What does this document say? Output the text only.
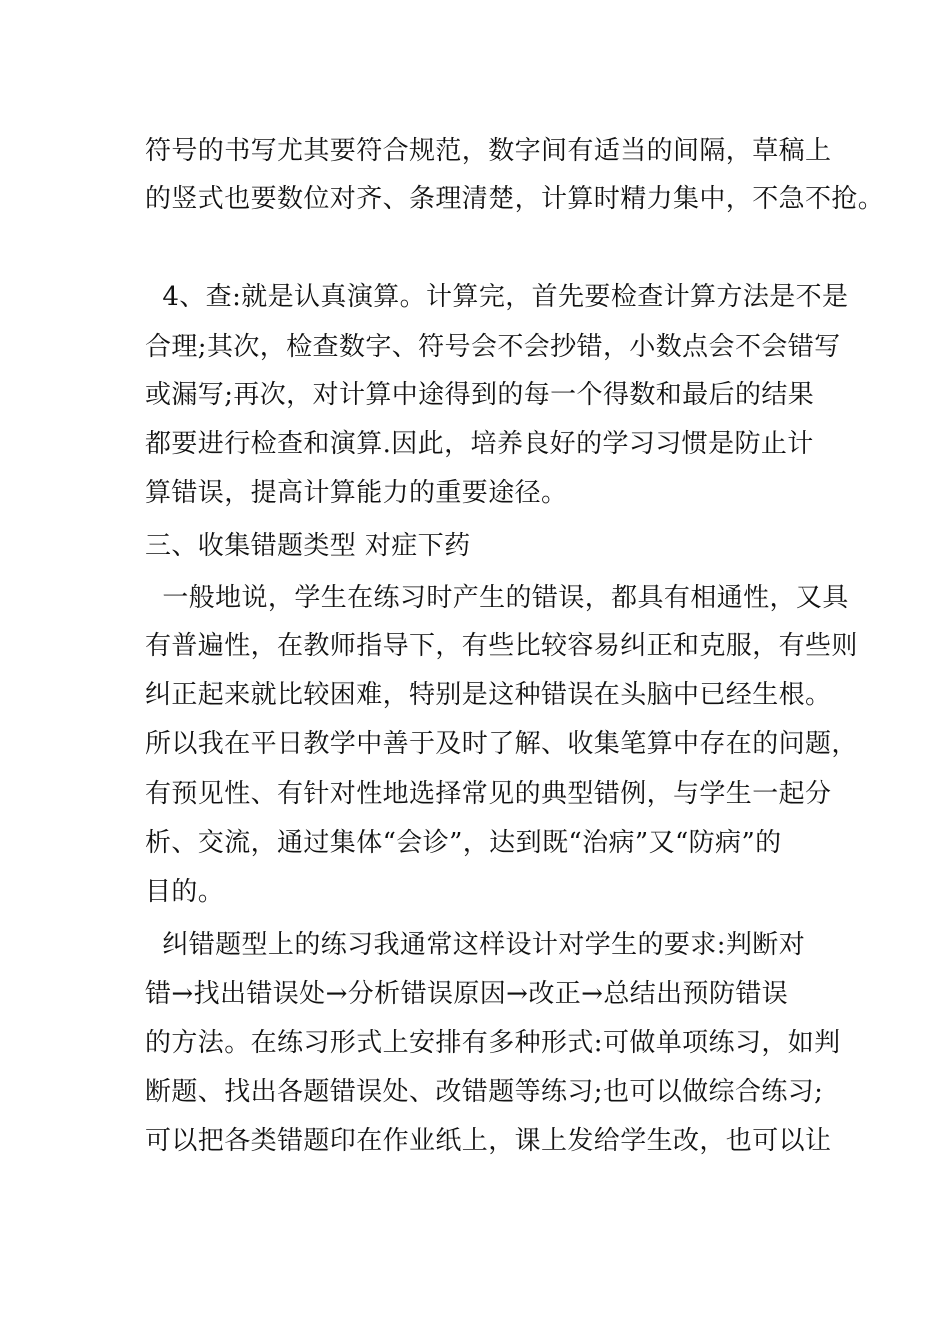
符号的书写尤其要符合规范，数字间有适当的间隔，草稿上
的竖式也要数位对齐、条理清楚，计算时精力集中，不急不抢。
4、查:就是认真演算。计算完，首先要检查计算方法是不是
合理;其次，检查数字、符号会不会抄错，小数点会不会错写
或漏写;再次，对计算中途得到的每一个得数和最后的结果
都要进行检查和演算.因此，培养良好的学习习惯是防止计
算错误，提高计算能力的重要途径。
三、收集错题类型 对症下药
一般地说，学生在练习时产生的错误，都具有相通性，又具
有普遍性，在教师指导下，有些比较容易纠正和克服，有些则
纠正起来就比较困难，特别是这种错误在头脑中已经生根。
所以我在平日教学中善于及时了解、收集笔算中存在的问题，
有预见性、有针对性地选择常见的典型错例，与学生一起分
析、交流，通过集体“会诊”，达到既“治病”又“防病”的
目的。
纠错题型上的练习我通常这样设计对学生的要求:判断对
错→找出错误处→分析错误原因→改正→总结出预防错误
的方法。在练习形式上安排有多种形式:可做单项练习，如判
断题、找出各题错误处、改错题等练习;也可以做综合练习;
可以把各类错题印在作业纸上，课上发给学生改，也可以让
